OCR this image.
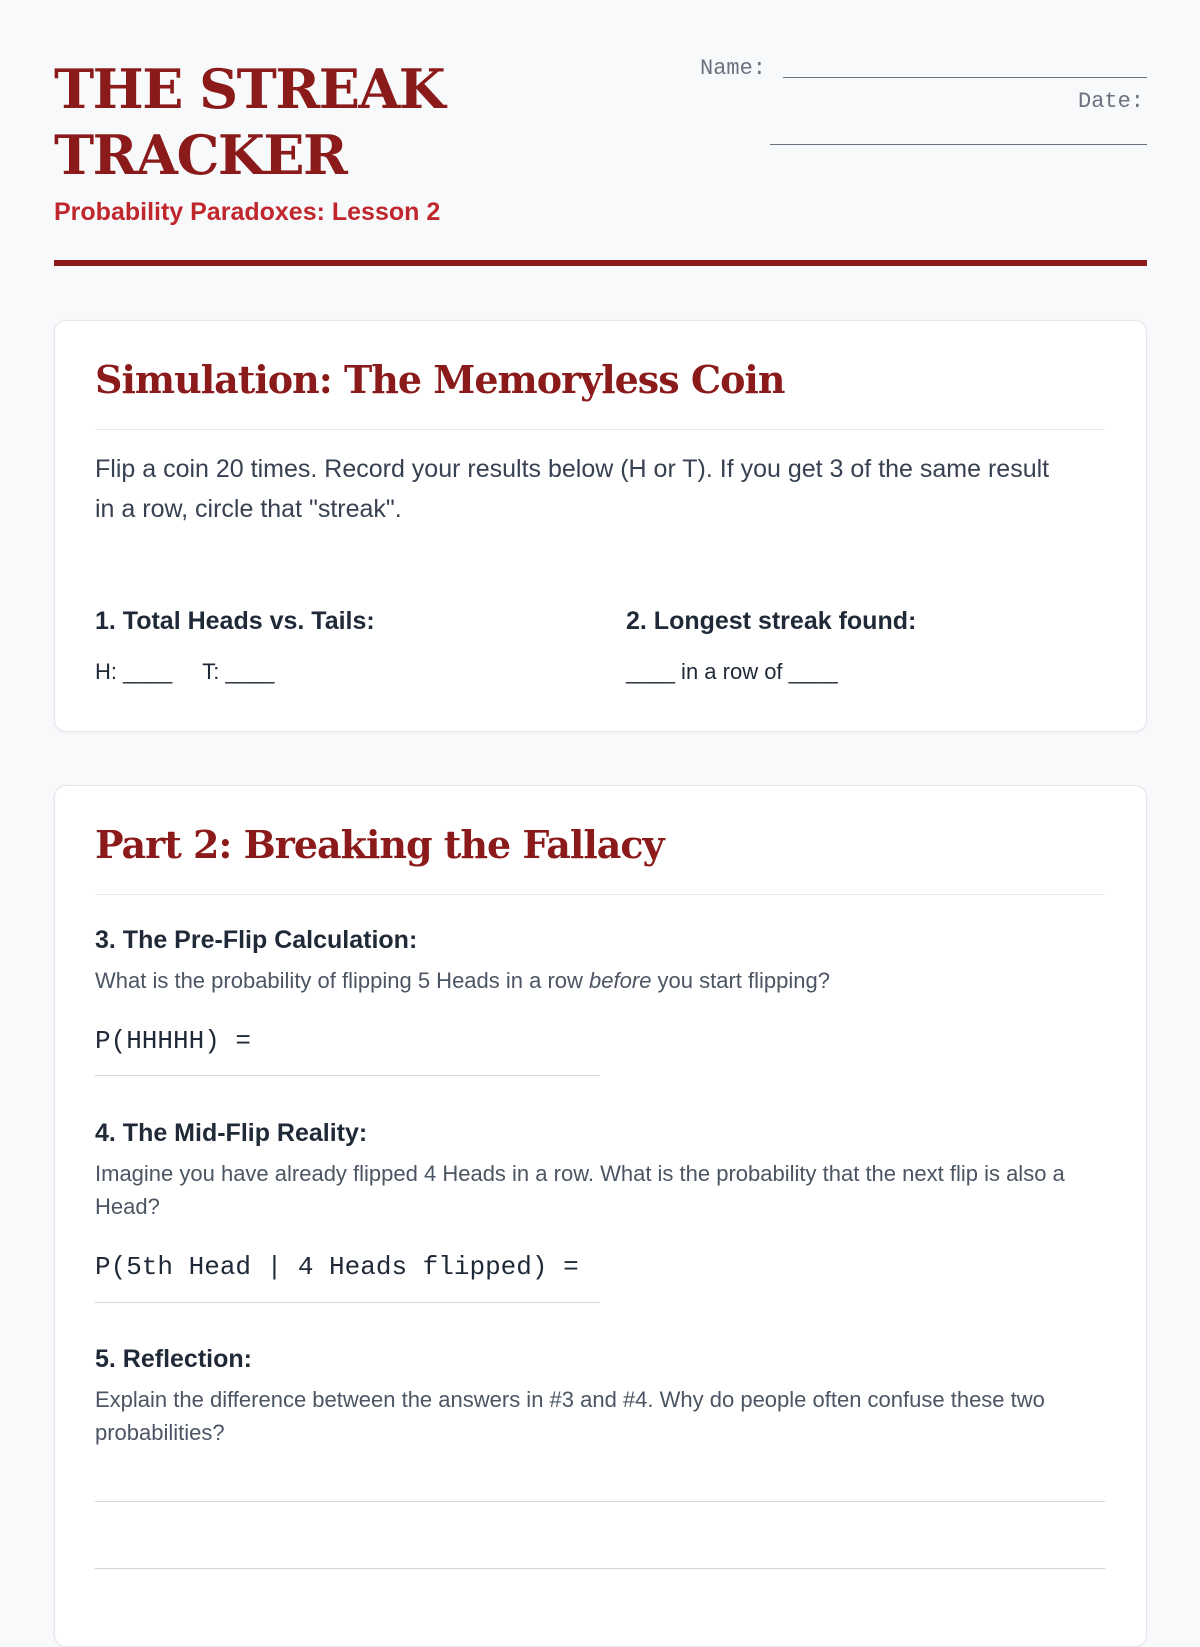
THE STREAK TRACKER
Probability Paradoxes: Lesson 2
Name:
Date:
Simulation: The Memoryless Coin

Flip a coin 20 times. Record your results below (H or T). If you get 3 of the same result in a row, circle that "streak".

1. Total Heads vs. Tails:
H: ____     T: ____
2. Longest streak found:
____ in a row of ____
Part 2: Breaking the Fallacy
3. The Pre-Flip Calculation:

What is the probability of flipping 5 Heads in a row before you start flipping?

P(HHHHH) =
4. The Mid-Flip Reality:

Imagine you have already flipped 4 Heads in a row. What is the probability that the next flip is also a Head?

P(5th Head | 4 Heads flipped) =
5. Reflection:

Explain the difference between the answers in #3 and #4. Why do people often confuse these two probabilities?
